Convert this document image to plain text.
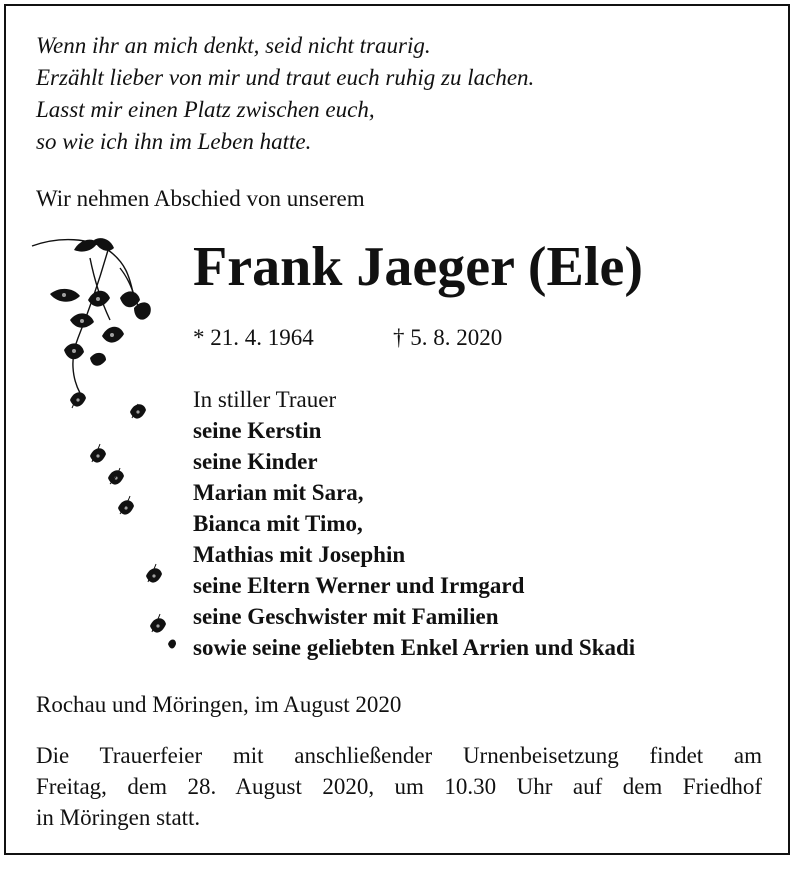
Wenn ihr an mich denkt, seid nicht traurig.
Erzählt lieber von mir und traut euch ruhig zu lachen.
Lasst mir einen Platz zwischen euch,
so wie ich ihn im Leben hatte.
Wir nehmen Abschied von unserem
Frank Jaeger (Ele)
* 21. 4. 1964	† 5. 8. 2020
In stiller Trauer
seine Kerstin
seine Kinder
Marian mit Sara,
Bianca mit Timo,
Mathias mit Josephin
seine Eltern Werner und Irmgard
seine Geschwister mit Familien
sowie seine geliebten Enkel Arrien und Skadi
Rochau und Möringen, im August 2020
Die Trauerfeier mit anschließender Urnenbeisetzung findet am
Freitag, dem 28. August 2020, um 10.30 Uhr auf dem Friedhof
in Möringen statt.
